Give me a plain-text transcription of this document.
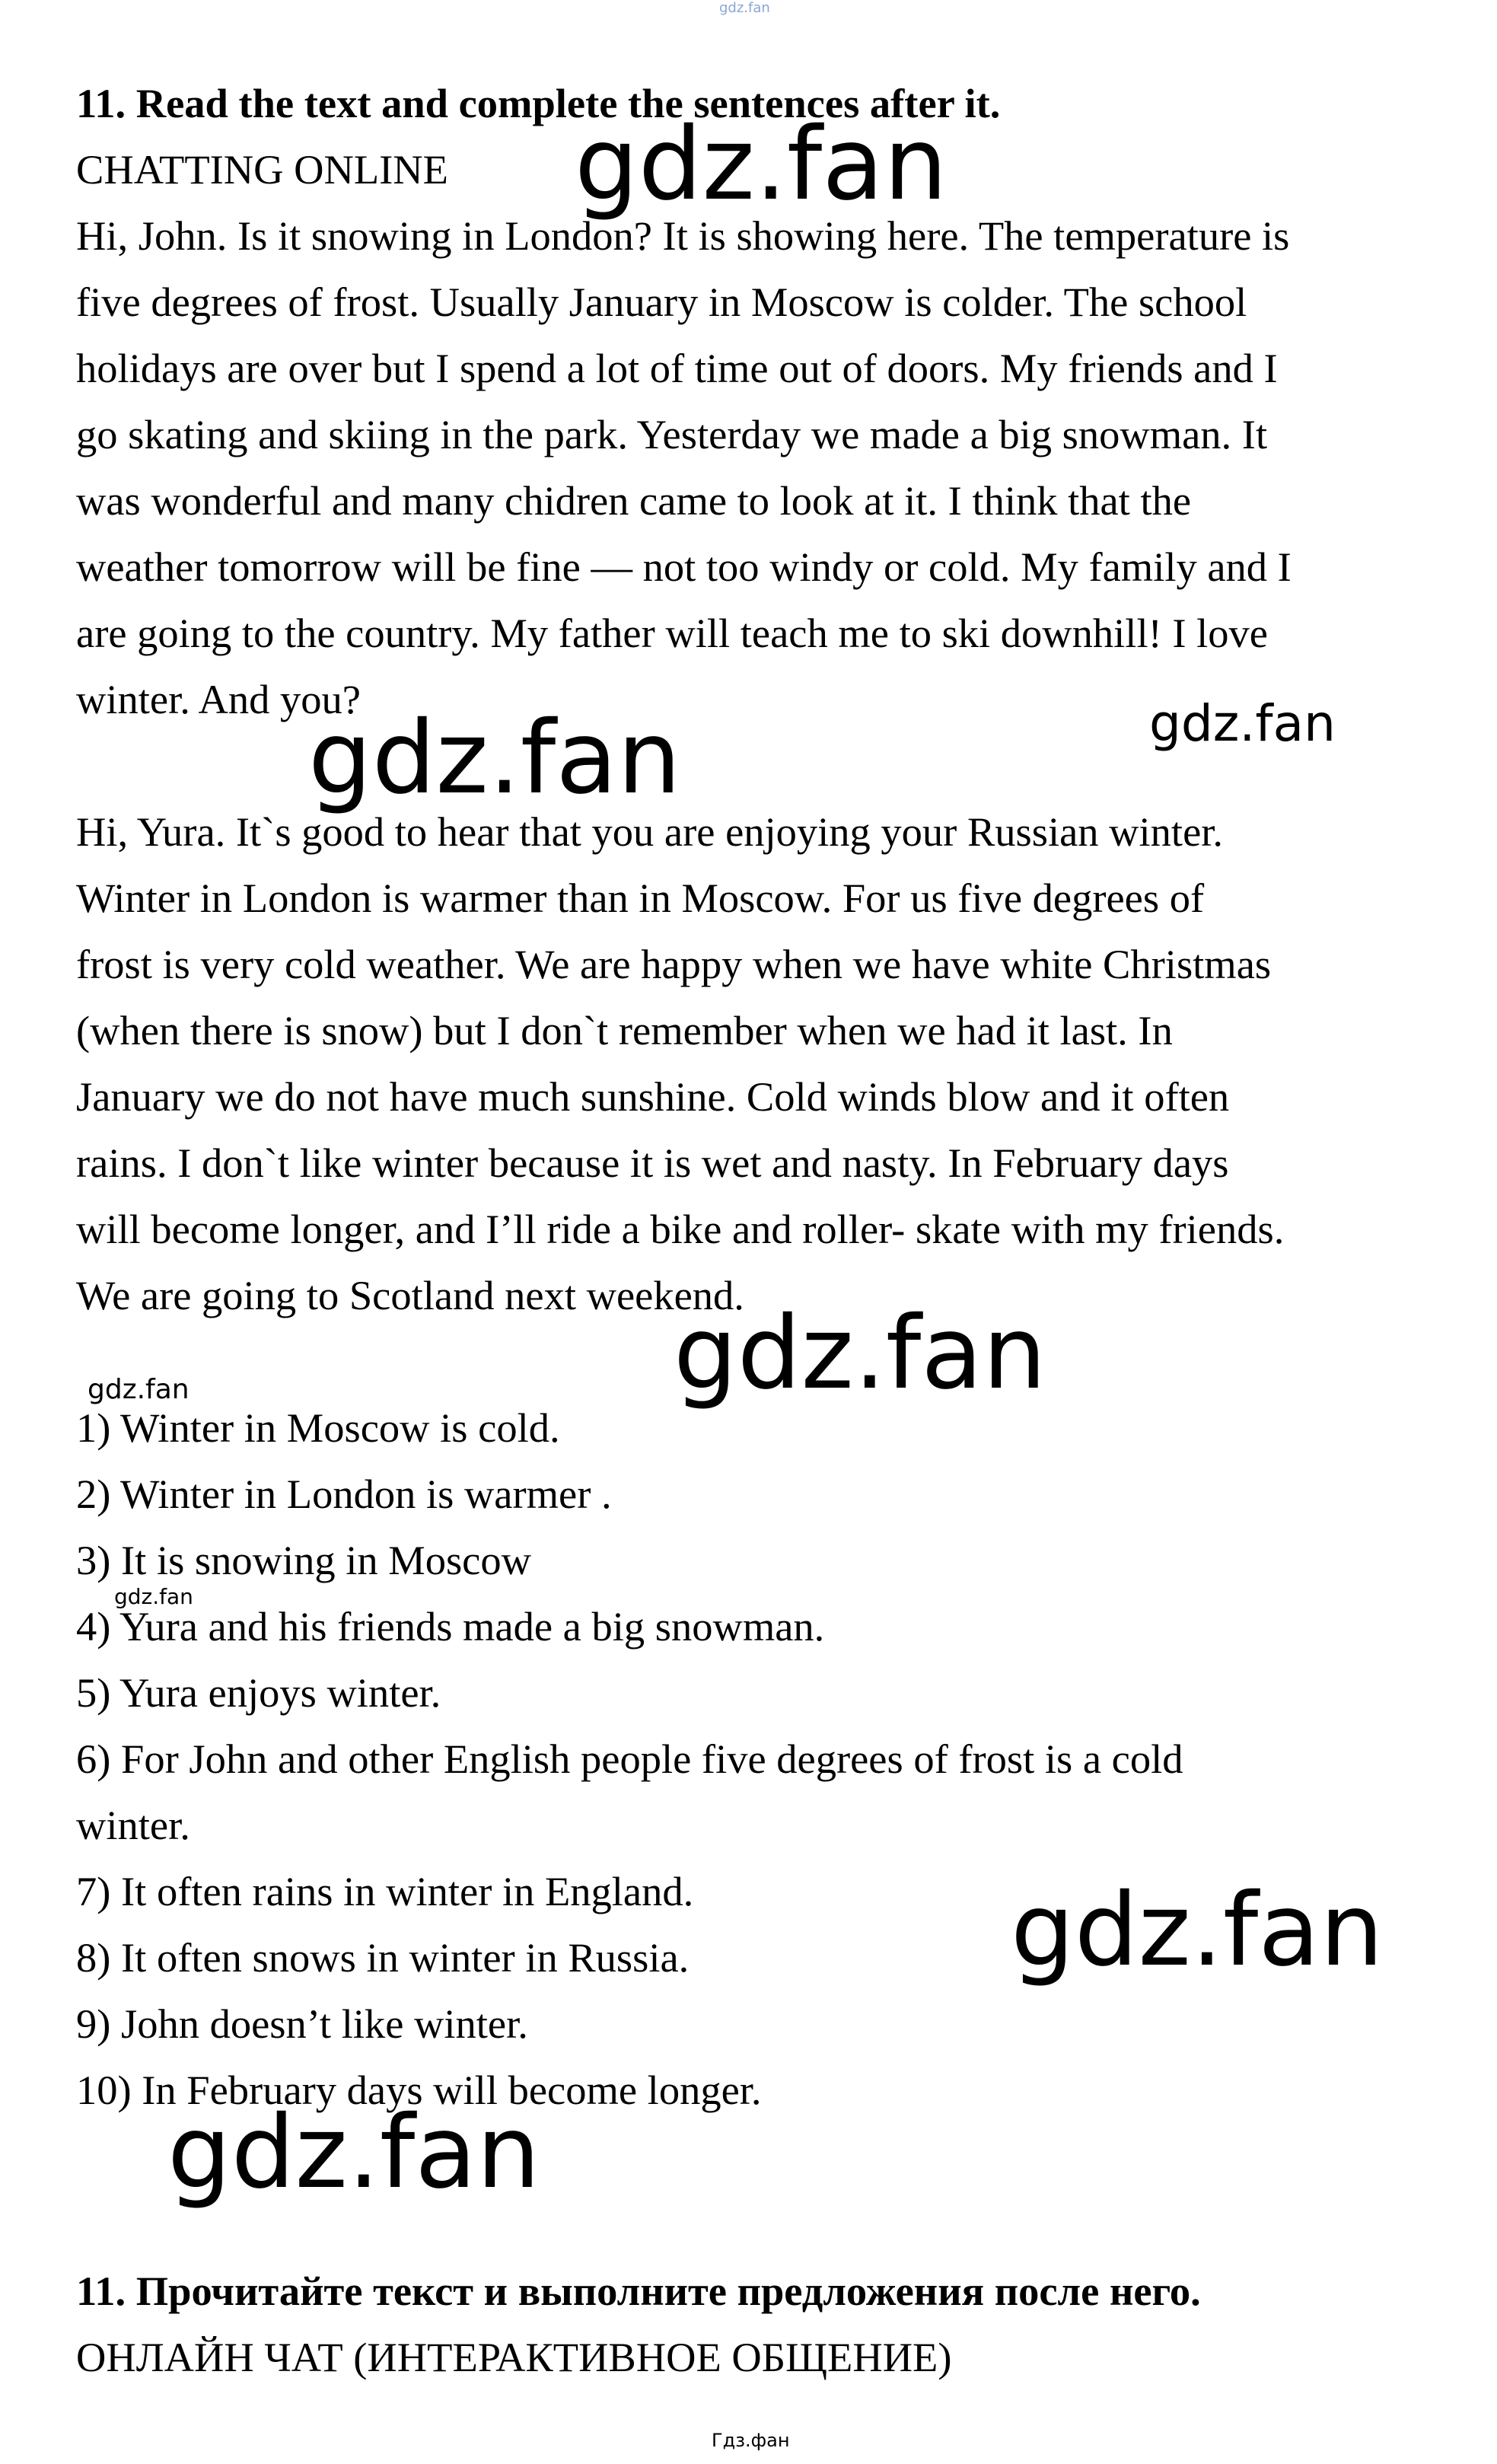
gdz.fan
11. Read the text and complete the sentences after it.
CHATTING ONLINE
Hi, John. Is it snowing in London? It is showing here. The temperature is
five degrees of frost. Usually January in Moscow is colder. The school
holidays are over but I spend a lot of time out of doors. My friends and I
go skating and skiing in the park. Yesterday we made a big snowman. It
was wonderful and many chidren came to look at it. I think that the
weather tomorrow will be fine — not too windy or cold. My family and I
are going to the country. My father will teach me to ski downhill! I love
winter. And you?
Hi, Yura. It`s good to hear that you are enjoying your Russian winter.
Winter in London is warmer than in Moscow. For us five degrees of
frost is very cold weather. We are happy when we have white Christmas
(when there is snow) but I don`t remember when we had it last. In
January we do not have much sunshine. Cold winds blow and it often
rains. I don`t like winter because it is wet and nasty. In February days
will become longer, and I’ll ride a bike and roller- skate with my friends.
We are going to Scotland next weekend.
1) Winter in Moscow is cold.
2) Winter in London is warmer .
3) It is snowing in Moscow
4) Yura and his friends made a big snowman.
5) Yura enjoys winter.
6) For John and other English people five degrees of frost is a cold
winter.
7) It often rains in winter in England.
8) It often snows in winter in Russia.
9) John doesn’t like winter.
10) In February days will become longer.
11. Прочитайте текст и выполните предложения после него.
ОНЛАЙН ЧАТ (ИНТЕРАКТИВНОЕ ОБЩЕНИЕ)
gdz.fan
gdz.fan	gdz.fan
gdz.fan
gdz.fan
gdz.fan
gdz.fan
gdz.fan
Гдз.фан
